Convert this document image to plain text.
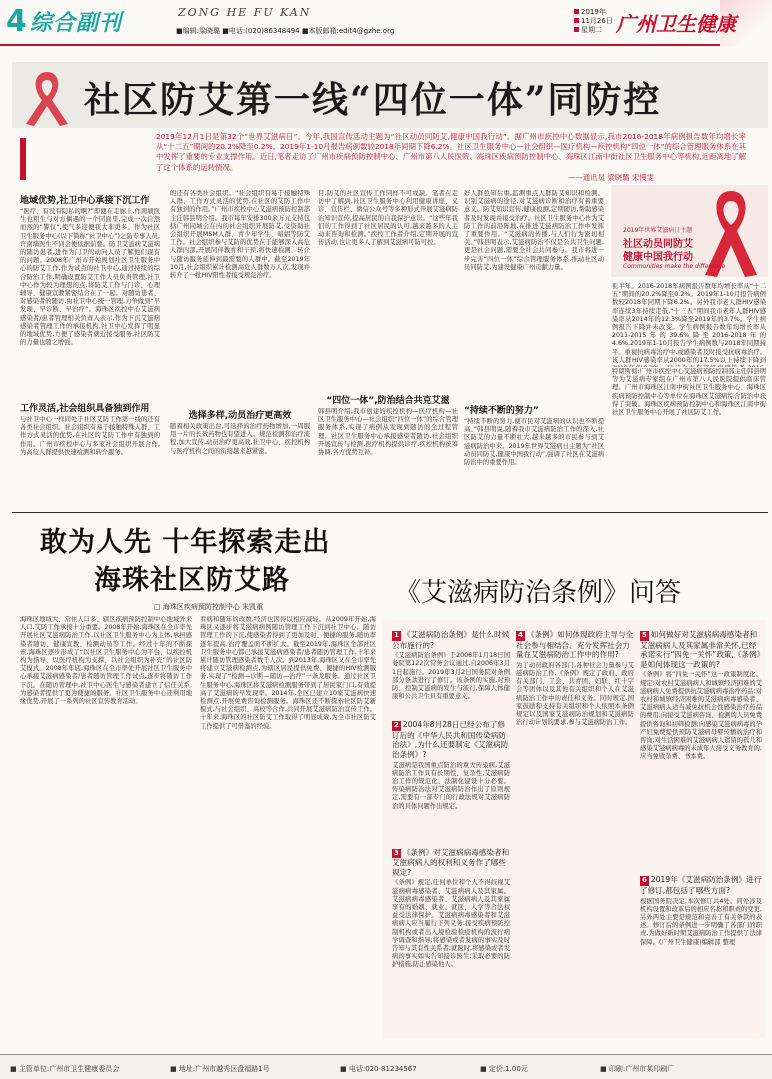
4 综合副刊	ZONG HE FU KAN
■编辑:梁晓璐 ■电话:(020)86348494 ■本版邮箱:edit4@gzhe.org
2019年
11月26日
星期二 广州卫生健康
社区防艾第一线“四位一体”同防控
2019年12月1日是第32个“世界艾滋病日”。今年,我国宣传活动主题为“社区动员同防艾,健康中国我行动”。据广州市疾控中心数据显示,我市2016-2018年病例报告数年均增长率从“十二五”期间的20.2%降至0.2%。2019年1-10月报告病例数较2018年同期下降6.2%。社区卫生服务中心—社会组织—医疗机构—疾控机构“四位一体”的综合管理服务体系在其中发挥了重要的专业支撑作用。近日,笔者走访了广州市疾病预防控制中心、广州市第八人民医院、海珠区疾病预防控制中心、海珠区江南中街社区卫生服务中心等机构,近距离地了解了这个体系的运转情况。
——通讯员 梁晓璐 宋慢雯
地域优势,社卫中心承接下沉工作
“医疗、有没有隐私的啊?”即便在走廊上,作南墙医生也粗生与对方偶遇的一个同面里,完成一次自然而然的“警仅”,使气多迎便我大非更多。作为社区卫生服务中心(以下简称“社卫中心”)之防专事人员,许南墙医生不同会便依据前要。防卫艾滋病艾滋病的随访患者,进作为门卫的动向人员了解他们现有的问题。2008年广州市开始规划社区卫生服务中心的防艾工作,作为试点的社卫中心,通过持续的综合防治工作,明确设置防艾工作人员负责管理,社卫中心作为较为理想的点,将防艾工作与门诊、心理辅导、健康宣教紧密结合在了一起。对随访患者、对感染者的随访,由社卫中心统一管理,力争做到“早发现、早诊断、早治疗”。海珠区疾控中心艾滋病感染者/患者管理相关负责人表示,作为下沉艾滋病感染者管理工作的承接机构,社卫中心发挥了明显的地域优势,方便了感染者就近接受服务,社区防艾的力量也随之增强。
工作灵活,社会组织具备独到作用
与社卫中心一样同处于社区艾防工作第一线的还有各类社会组织。社会组织有易于接触特殊人群、工作方式灵活的优势,在社区的艾防工作中有独到的作用。广州市疾控中心与多家社会组织开展合作,为高危人群提供快速检测和转介服务。
的还有各类社会组织。“社会组织有易于接触特殊人群、工作方式灵活的优势,在社区的艾防工作中有独到的作用。”广州市疾控中心艾滋病预防控制部主任韩县明介绍。我市每年安排300余万元支持包括广州同城会在内的社会组织开展防艾,受资助社会组织开展MSM人群、青少年学生、暗娼等防艾工作。社会组织参与艾防的优势在于能够深入高危人群内部,开展同伴教育和干预,将快速检测、转介与随访服务延伸到最需要的人群中。截至2019年10月,社会组织累计检测高危人群数万人次,发现并转介了一批HIV阳性者接受规范治疗。
选择多样,动员治疗更高效
随着相关政策出台,可选择的治疗药物增加,一周服用一片的长效药物也有望进入。规范检测和治疗流程,加大宣传,动员治疗更高效,社卫中心、疾控机构与医疗机构之间的衔接越来越紧密。
目,防艾的社区宣传工作同样不可或缺。笔者在走访中了解到,社区卫生服务中心利用健康讲座、义诊、宣传栏、微信公众号等多种形式开展艾滋病防治知识宣传,提高居民的自我保护意识。“这些年我们的工作得到了社区居民的认可,越来越多的人主动来咨询和检测。”疾控工作者介绍,定期开展的宣传活动,也让更多人了解到艾滋病可防可控。
“四位一体”,防治结合共克艾滋
韩县明介绍,我市创建的疾控机构—医疗机构—社区卫生服务中心—社会组织“四位一体”的综合管理服务体系,实现了病例从发现到随访的全过程管理。社区卫生服务中心承接感染者随访,社会组织开展宣传与检测,医疗机构提供诊疗,疾控机构统筹协调,各方优势互补。
好人群色知后重,监测重点人群防艾知识和检测。识别艾滋病的途径,对艾滋病诊断和治疗有着重要意义。防艾知识宣传,健康检测,定期随访,帮助感染者及时发现并接受治疗。社区卫生服务中心作为艾防工作的前沿阵地,在推进艾滋病防治工作中发挥了重要作用。“艾滋病的传播,与人们行为密切相关。”韩县明表示,艾滋病防治不仅是公共卫生问题,更是社会问题,需要全社会共同参与。我市将进一步完善“四位一体”综合管理服务体系,推动社区动员同防艾,为建设健康广州贡献力量。
“持续不断的努力”
“持续不断的努力,使市民对艾滋病的认识也不断提高。”韩县明说,随着我市艾滋病防治工作的深入,社区防艾的力量不断壮大,越来越多的市民参与到艾滋病防治中来。2019年世界艾滋病日主题为“社区动员同防艾,健康中国我行动”,强调了社区在艾滋病防治中的重要作用。
2019年世界艾滋病日主题
社区动员同防艾
健康中国我行动
Communities make the difference
衔半年。2016-2018年病例报告数年均增长率从“十二五”期间的20.2%降至0.2%。2019年1-10月报告病例数较2018年同期下降6.2%。另外我市老人群HIV感染率连续3年持续走低,“十三五”期间我市老年人群HIV感染率从2014年的12.3%降至2019年的3.7%。学生病例报告下降并未改变。学生病例报告数年均增长率从2011-2015年的39.6%降至2016-2018年的4.6%,2019年1-10月报告学生病例数与2018年同期持平。重视抗病毒治疗中,或感染者及时接受抗病毒治疗。该人群HIV感染率从2000年的17.5%以上持续下降到
特朗斯彻:广州市疾控中心艾滋病预防控制部主任韩县明等为艾滋病专家组在广州市第八人民医院提供临床管理。广州市海珠区江南中街社区卫生服务中心、海珠区疾病预防控制中心等单位在海珠区艾滋病综合防治中获得了突破。海珠区疾病预防控制中心和海珠区江南中街社区卫生服务中心开展了社区防艾工作。
敢为人先 十年探索走出
海珠社区防艾路
□ 海珠区疾病预防控制中心 朱凯重
海珠区地域大、常住人口多、辖区疾病预防控制中心地域外来人口,艾防工作承接十分重要。2008年开始,海珠区在全市率先开展社区艾滋病防治工作,以社区卫生服务中心为主体,承担感染者随访、健康宣教、检测动员等工作。经过十年的不断探索,海珠区逐步形成了“以社区卫生服务中心为平台、以疾控机构为指导、以医疗机构为支撑、以社会组织为补充”的社区防艾模式。2008年年底,海珠区在全市率先开展社区卫生服务中心承接艾滋病感染者/患者随访管理工作试点,逐步将随访工作下沉。在随访管理中,社卫中心医生与感染者建立了信任关系,为感染者提供了更为便捷的服务。社区卫生服务中心还利用地缘优势,开展了一系列的社区宣传教育活动。
看病和随年的改数,经济也因得以相应减轻。从2009年开始,海珠区又逐步将艾滋病病例随访管理工作下沉到社卫中心。随访管理工作的下沉,使感染者得到了更加及时、便捷的服务,随访率逐年提高,治疗覆盖面不断扩大。截至2019年,海珠区全部社区卫生服务中心都已承接艾滋病感染者/患者随访管理工作,十年来累计随访管理感染者数千人次。到2013年,海珠区又在全市率先将建立艾滋病检测点,为辖区居民提供免费、便捷的HIV检测服务,实现了“检测—诊断—随访—治疗”一条龙服务。通过社区卫生服务中心,海珠区将艾滋病检测服务带到了居民家门口,有效提高了艾滋病的早发现率。2014年,全区已建立10家艾滋病快速检测点,开展免费咨询检测服务。海珠区还不断探索社区防艾新模式,与社会组织、高校等合作,共同开展艾滋病防治宣传工作。十年来,海珠区的社区防艾工作取得了明显成效,为全市社区防艾工作提供了可借鉴的经验。
《艾滋病防治条例》问答
1 《艾滋病防治条例》是什么时候公布施行的?
《艾滋病防治条例》于2006年1月18日国务院第122次常务会议通过,自2006年3月1日起施行。2019年3月2日国务院对条例部分条款进行了修订。该条例的实施,对预防、控制艾滋病的发生与流行,保障人体健康和公共卫生具有重要意义。
2 2004年8月28日已经公布了修订后的《中华人民共和国传染病防治法》,为什么还要制定《艾滋病防治条例》?
艾滋病是我国重点防治的重大传染病,艾滋病防治工作具有长期性、复杂性,艾滋病防治工作的规范化、法制化建设十分必要。传染病防治法对艾滋病防治作出了原则规定,需要有一部专门的行政法规对艾滋病防治的具体问题作出规定。
3 《条例》对艾滋病病毒感染者和艾滋病病人的权利和义务作了哪些规定?
《条例》规定,任何单位和个人不得歧视艾滋病病毒感染者、艾滋病病人及其家属。艾滋病病毒感染者、艾滋病病人及其家属享有的婚姻、就业、就医、入学等合法权益受法律保护。艾滋病病毒感染者和艾滋病病人应当履行下列义务:接受疾病预防控制机构或者出入境检验检疫机构的流行病学调查和指导;将感染或者发病的事实及时告知与其有性关系者;就医时,将感染或者发病的事实如实告知接诊医生;采取必要的防护措施,防止感染他人。
4 《条例》如何体现政府主导与全社会参与相结合、充分发挥社会力量在艾滋病防治工作中的作用?
为了动员政府各部门,各种社会力量参与艾滋病防治工作,《条例》规定了政府、政府有关部门、工会、共青团、妇联、红十字会等团体以及其他有关组织和个人在艾滋病防治工作中的责任和义务。同时规定,国家鼓励和支持有关组织和个人依照本条例规定以及国家艾滋病防治规划和艾滋病防治行动计划的要求,参与艾滋病防治工作。
5 如何做好对艾滋病病毒感染者和艾滋病病人及其家属非常关怀,已经承诺实行“四免一关怀”政策,《条例》是如何体现这一政策的?
《条例》将“四免一关怀”这一政策制度化。规定:对农村艾滋病病人和城镇经济困难的艾滋病病人免费提供抗艾滋病病毒治疗药品;对农村和城镇经济困难的艾滋病病毒感染者、艾滋病病人适当减免抗机会性感染治疗药品的费用;向接受艾滋病咨询、检测的人员免费提供咨询和初筛检测;向感染艾滋病病毒的孕产妇免费提供预防艾滋病母婴传播的治疗和咨询;对生活困难的艾滋病病人遗留的孤儿和感染艾滋病病毒的未成年人接受义务教育的,应当免收杂费、书本费。
6 2019年《艾滋病防治条例》进行了修订,都包括了哪些方面?
根据国务院决定,本次修订共4处。同处涉及机构设置和改革后的相应名称和职责的变更,另外两处主要是规范和完善了有关条款的表述。修订后的条例进一步明确了各部门的职责,为做好新时期艾滋病防治工作提供了法律保障。(广州卫生健康)编辑部 整理
■ 主管单位:广州市卫生健康委员会	■ 地址:广州市越秀区盘福路1号	■ 电话:020-81234567	■ 定价:1.00元	■ 印刷:广州市某印刷厂
